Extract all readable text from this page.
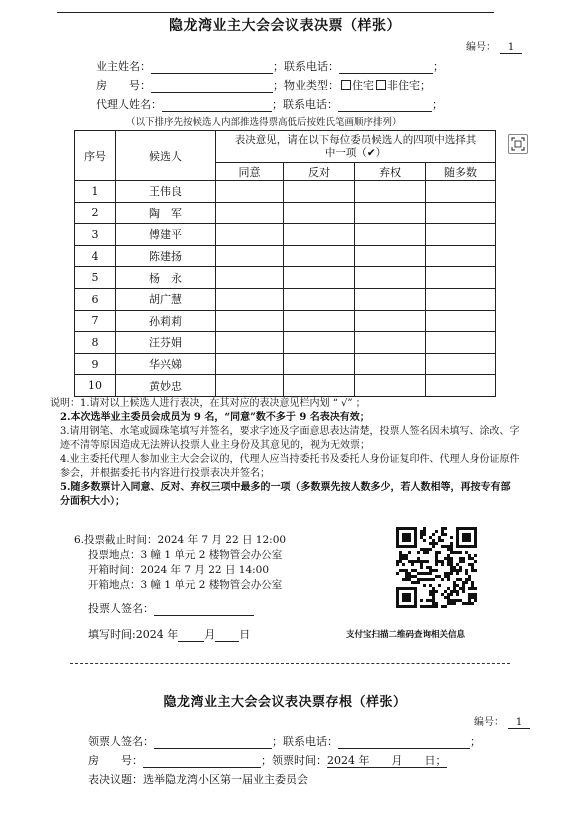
隐龙湾业主大会会议表决票（样张）
编号： 1
业主姓名：	；联系电话：	；
房　　号：	；物业类型： 住宅 非住宅；
代理人姓名：	；联系电话：	；
（以下排序先按候选人内部推选得票高低后按姓氏笔画顺序排列）
序号	候选人	表决意见，请在以下每位委员候选人的四项中选择其中一项（✔）			
		同意	反对	弃权	随多数
1	王伟良				
2	陶　军				
3	傅建平				
4	陈建扬				
5	杨　永				
6	胡广慧				
7	孙莉莉				
8	汪芬娟				
9	华兴娣				
10	黄妙忠				

说明：1.请对以上候选人进行表决，在其对应的表决意见栏内划 “ √” ；

2.本次选举业主委员会成员为 9 名，“同意”数不多于 9 名表决有效；

3.请用钢笔、水笔或圆珠笔填写并签名，要求字迹及字面意思表达清楚，投票人签名因未填写、涂改、字迹不清等原因造成无法辨认投票人业主身份及其意见的，视为无效票；

4.业主委托代理人参加业主大会会议的，代理人应当持委托书及委托人身份证复印件、代理人身份证原件参会，并根据委托书内容进行投票表决并签名；

5.随多数票计入同意、反对、弃权三项中最多的一项（多数票先按人数多少，若人数相等，再按专有部分面积大小）；

6.投票截止时间：2024 年 7 月 22 日 12:00
投票地点：3 幢 1 单元 2 楼物管会办公室
开箱时间：2024 年 7 月 22 日 14:00
开箱地点：3 幢 1 单元 2 楼物管会办公室
投票人签名：
填写时间:2024 年 月 日	支付宝扫描二维码查询相关信息
隐龙湾业主大会会议表决票存根（样张）
编号： 1
领票人签名：	；联系电话：	；
房　　号：	；领票时间：2024 年　　月　　日；
表决议题：选举隐龙湾小区第一届业主委员会
